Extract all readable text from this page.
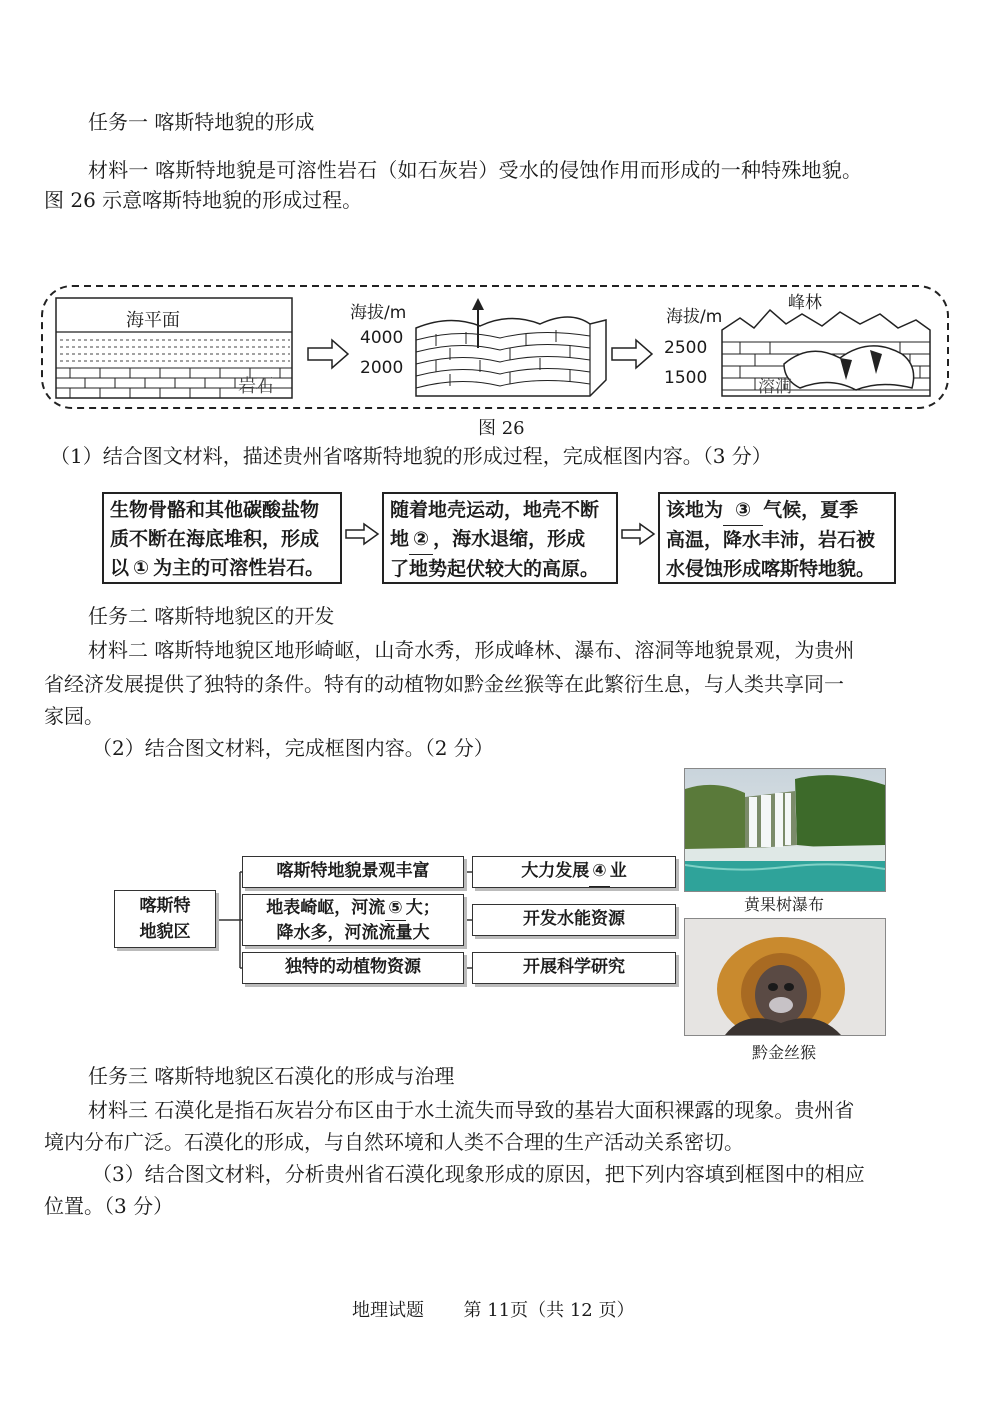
任务一 喀斯特地貌的形成
材料一 喀斯特地貌是可溶性岩石（如石灰岩）受水的侵蚀作用而形成的一种特殊地貌。
图 26 示意喀斯特地貌的形成过程。
海平面
岩石
海拔/m
4000
2000
海拔/m
峰林
2500
1500	溶洞
图 26
（1）结合图文材料，描述贵州省喀斯特地貌的形成过程，完成框图内容。（3 分）
生物骨骼和其他碳酸盐物
质不断在海底堆积，形成
以 ① 为主的可溶性岩石。
随着地壳运动，地壳不断
地 ② ，海水退缩，形成
了地势起伏较大的高原。
该地为 ③ 气候，夏季
高温，降水丰沛，岩石被
水侵蚀形成喀斯特地貌。
任务二 喀斯特地貌区的开发
材料二 喀斯特地貌区地形崎岖，山奇水秀，形成峰林、瀑布、溶洞等地貌景观，为贵州
省经济发展提供了独特的条件。特有的动植物如黔金丝猴等在此繁衍生息，与人类共享同一
家园。
（2）结合图文材料，完成框图内容。（2 分）
喀斯特
地貌区
喀斯特地貌景观丰富
地表崎岖，河流 ⑤ 大；
降水多，河流流量大
独特的动植物资源
大力发展 ④ 业
开发水能资源
开展科学研究
黄果树瀑布
黔金丝猴
任务三 喀斯特地貌区石漠化的形成与治理
材料三 石漠化是指石灰岩分布区由于水土流失而导致的基岩大面积裸露的现象。贵州省
境内分布广泛。石漠化的形成，与自然环境和人类不合理的生产活动关系密切。
（3）结合图文材料，分析贵州省石漠化现象形成的原因，把下列内容填到框图中的相应
位置。（3 分）
地理试题 第 11页（共 12 页）
